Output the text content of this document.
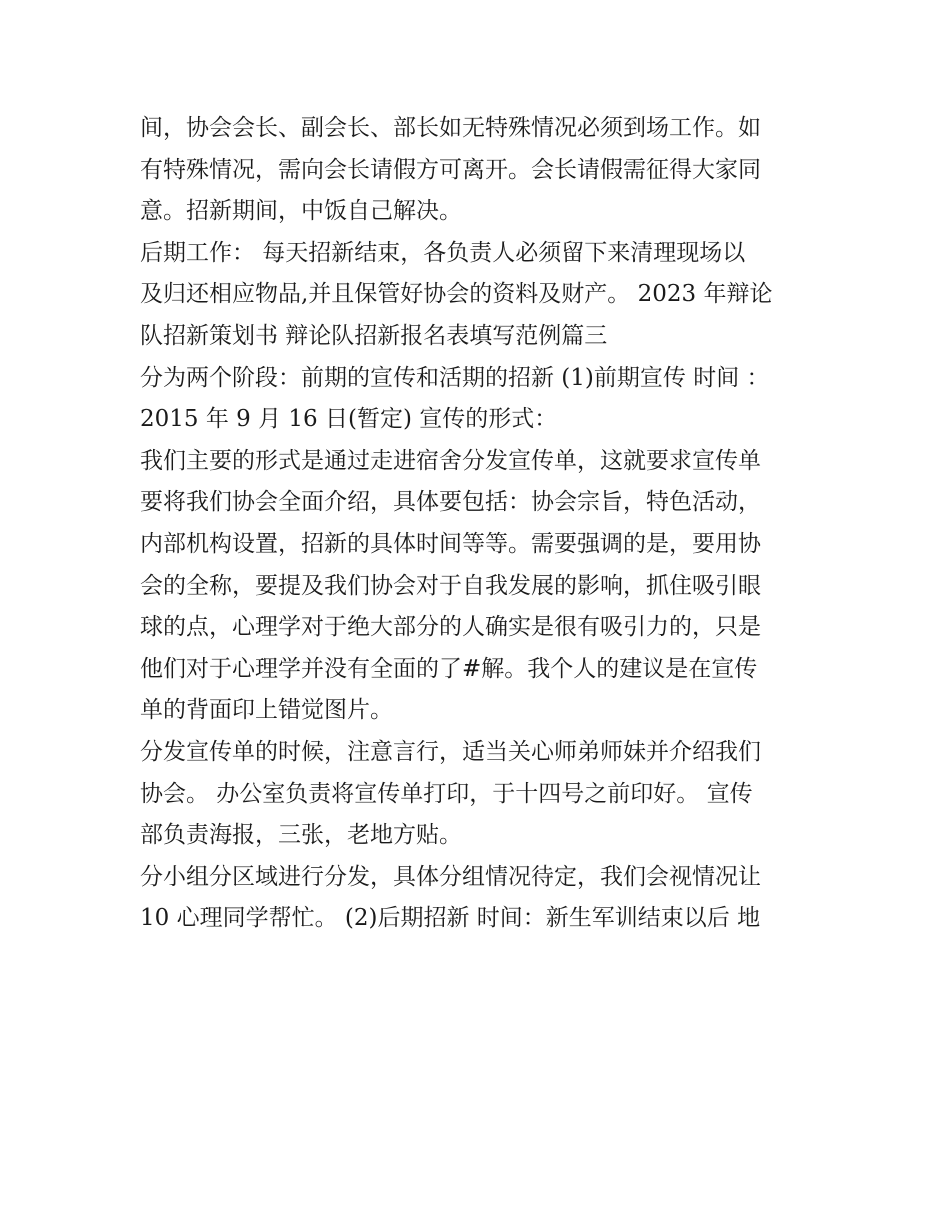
间，协会会长、副会长、部长如无特殊情况必须到场工作。如
有特殊情况，需向会长请假方可离开。会长请假需征得大家同
意。招新期间，中饭自己解决。
后期工作： 每天招新结束，各负责人必须留下来清理现场以
及归还相应物品,并且保管好协会的资料及财产。 2023 年辩论
队招新策划书 辩论队招新报名表填写范例篇三
分为两个阶段：前期的宣传和活期的招新 (1)前期宣传 时间 ：
2015 年 9 月 16 日(暂定) 宣传的形式：
我们主要的形式是通过走进宿舍分发宣传单，这就要求宣传单
要将我们协会全面介绍，具体要包括：协会宗旨，特色活动，
内部机构设置，招新的具体时间等等。需要强调的是，要用协
会的全称，要提及我们协会对于自我发展的影响，抓住吸引眼
球的点，心理学对于绝大部分的人确实是很有吸引力的，只是
他们对于心理学并没有全面的了#解。我个人的建议是在宣传
单的背面印上错觉图片。
分发宣传单的时候，注意言行，适当关心师弟师妹并介绍我们
协会。 办公室负责将宣传单打印，于十四号之前印好。 宣传
部负责海报，三张，老地方贴。
分小组分区域进行分发，具体分组情况待定，我们会视情况让
10 心理同学帮忙。 (2)后期招新 时间：新生军训结束以后 地
